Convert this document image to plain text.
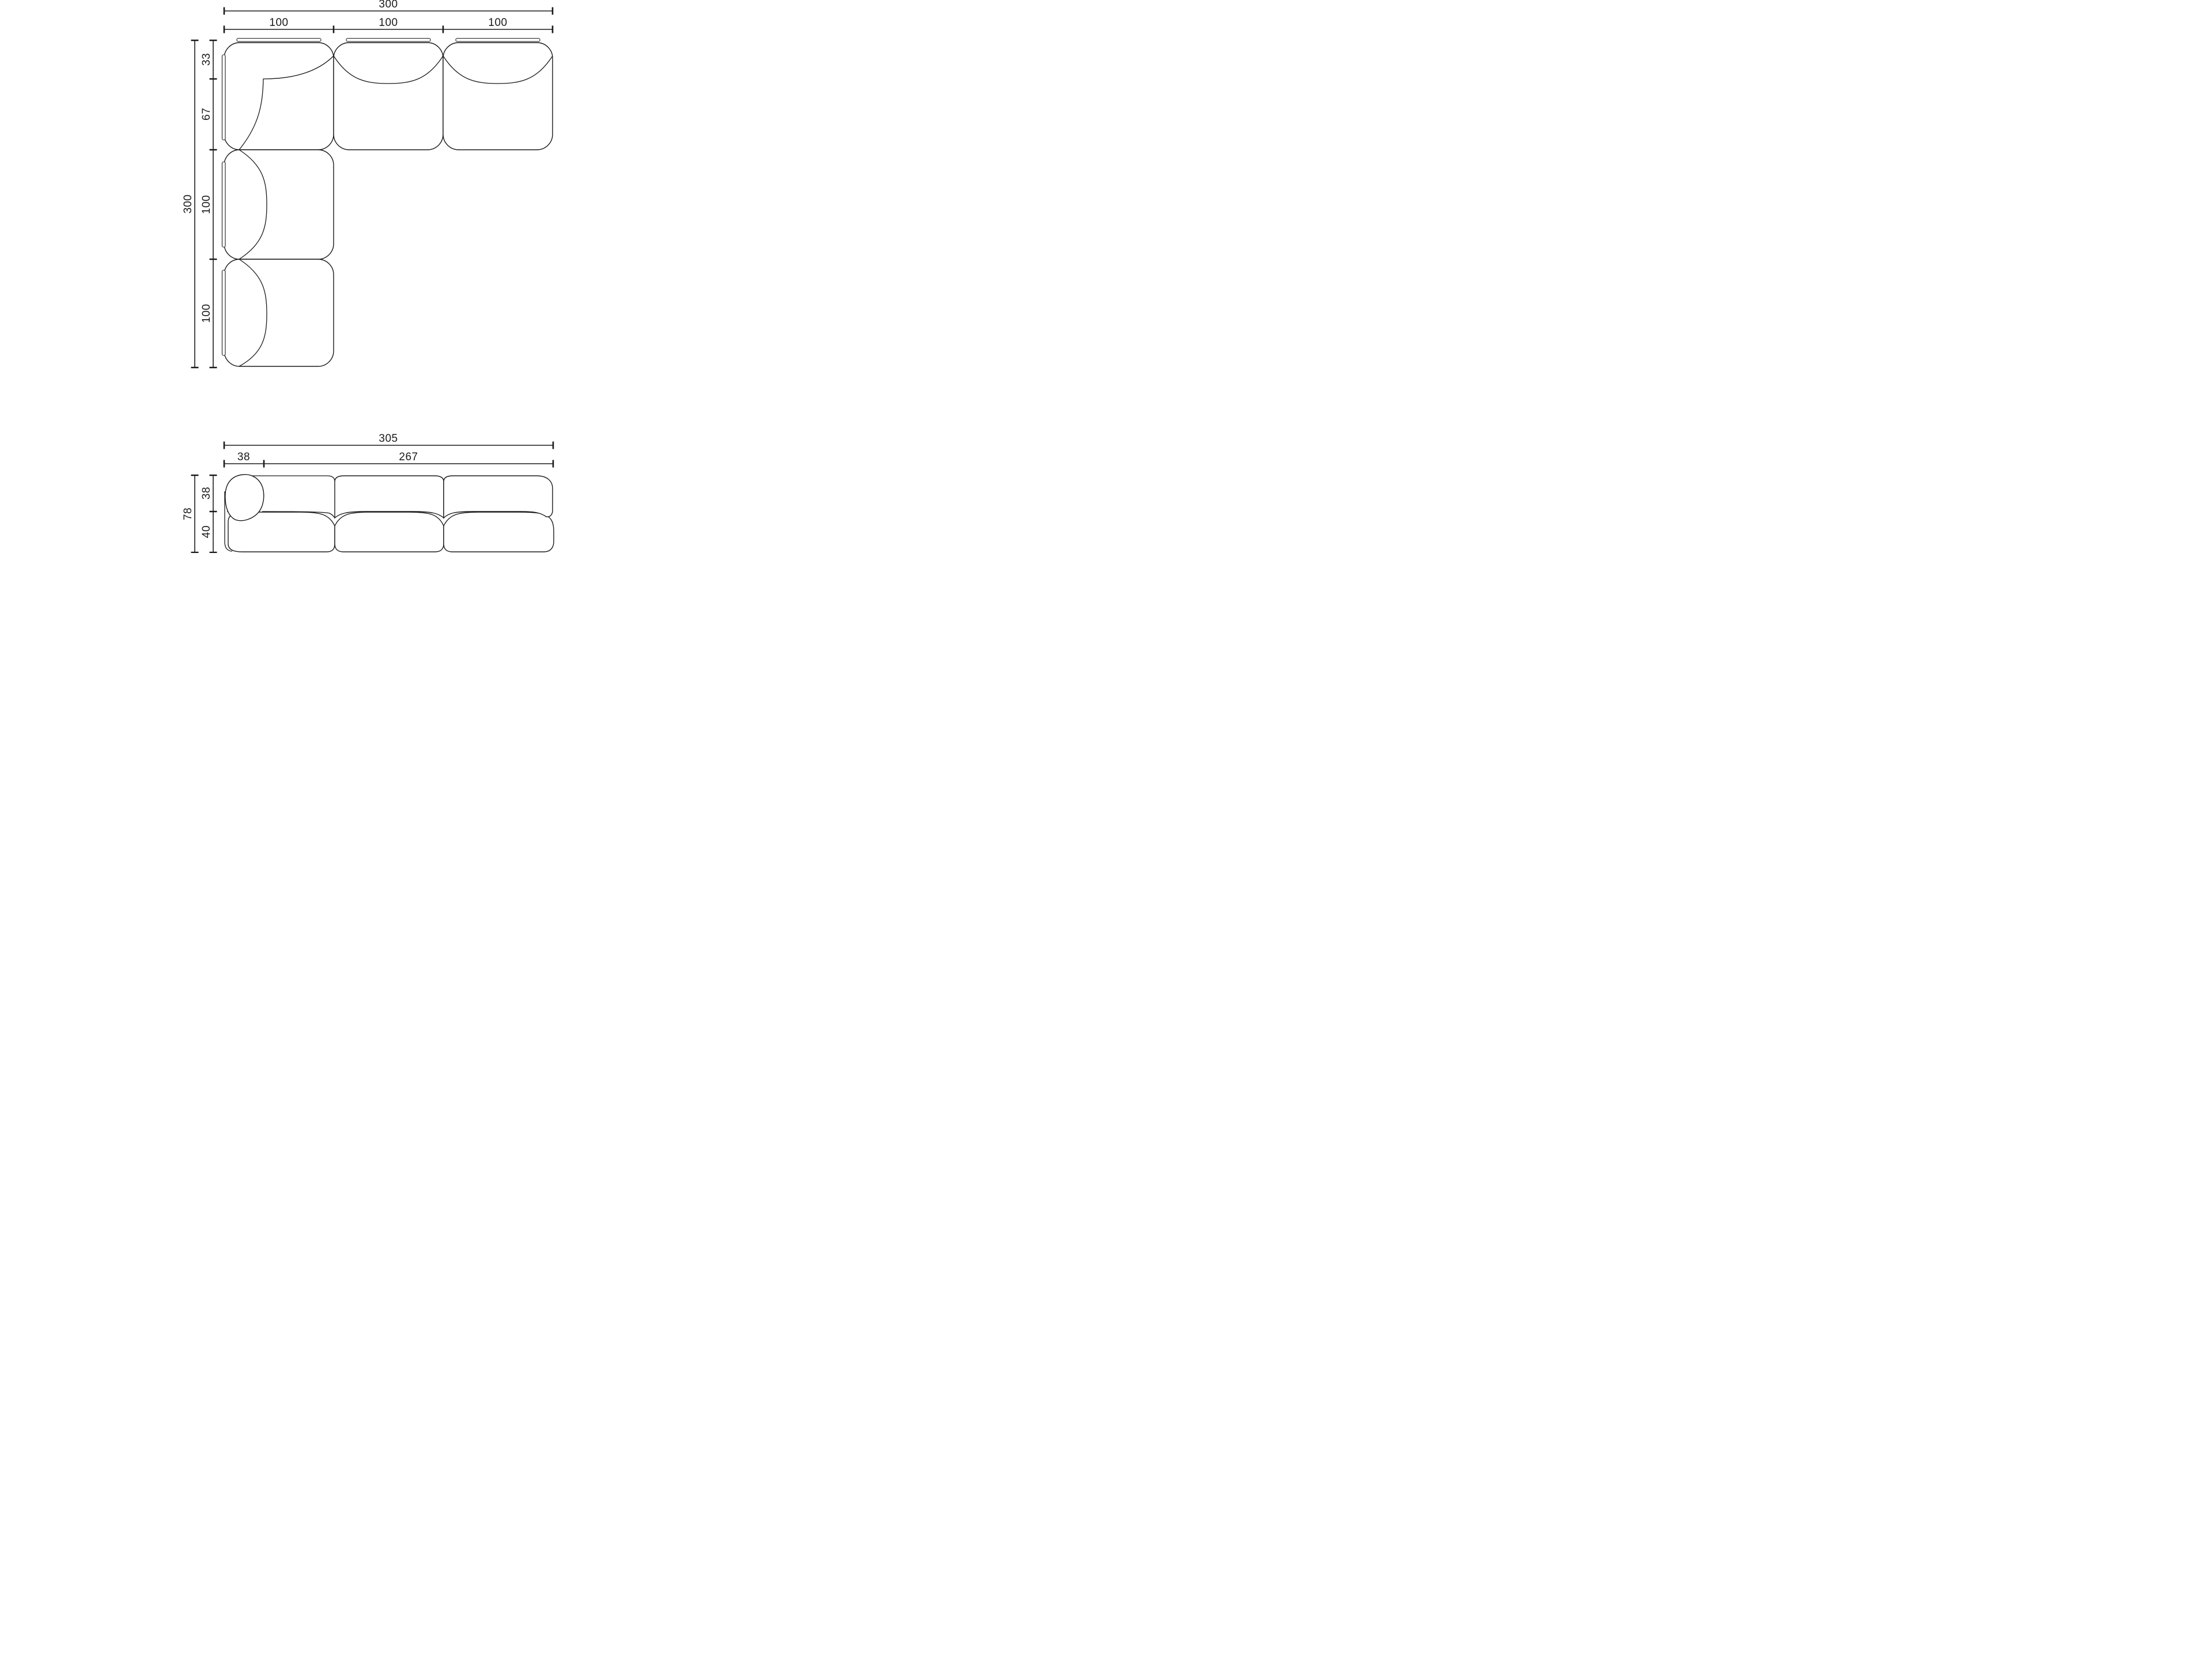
300
100	100	100
300
33
67
100
100
305
38	267
78
38
40
